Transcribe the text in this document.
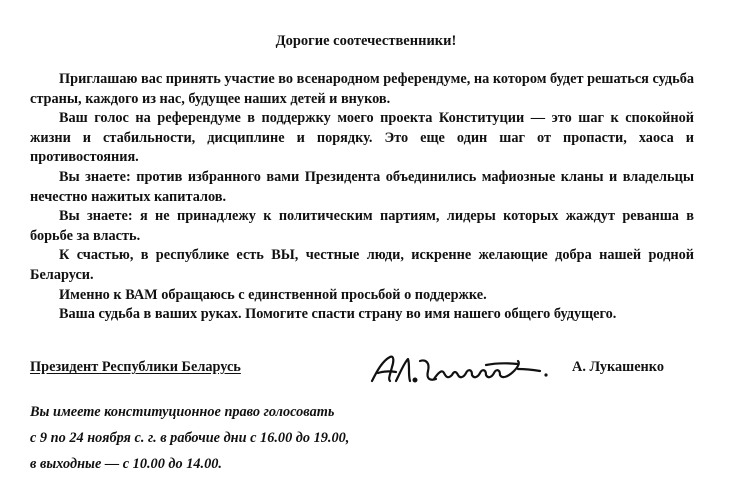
Дорогие соотечественники!

Приглашаю вас принять участие во всенародном референдуме, на котором будет решаться судьба страны, каждого из нас, будущее наших детей и внуков.

Ваш голос на референдуме в поддержку моего проекта Конституции — это шаг к спокойной жизни и стабильности, дисциплине и порядку. Это еще один шаг от пропасти, хаоса и противостояния.

Вы знаете: против избранного вами Президента объединились мафиозные кланы и владельцы нечестно нажитых капиталов.

Вы знаете: я не принадлежу к политическим партиям, лидеры которых жаждут реванша в борьбе за власть.

К счастью, в республике есть ВЫ, честные люди, искренне желающие добра нашей родной Беларуси.

Именно к ВАМ обращаюсь с единственной просьбой о поддержке.

Ваша судьба в ваших руках. Помогите спасти страну во имя нашего общего будущего.

Президент Республики Беларусь	А. Лукашенко
Вы имеете конституционное право голосовать
с 9 по 24 ноября с. г. в рабочие дни с 16.00 до 19.00,
в выходные — с 10.00 до 14.00.
